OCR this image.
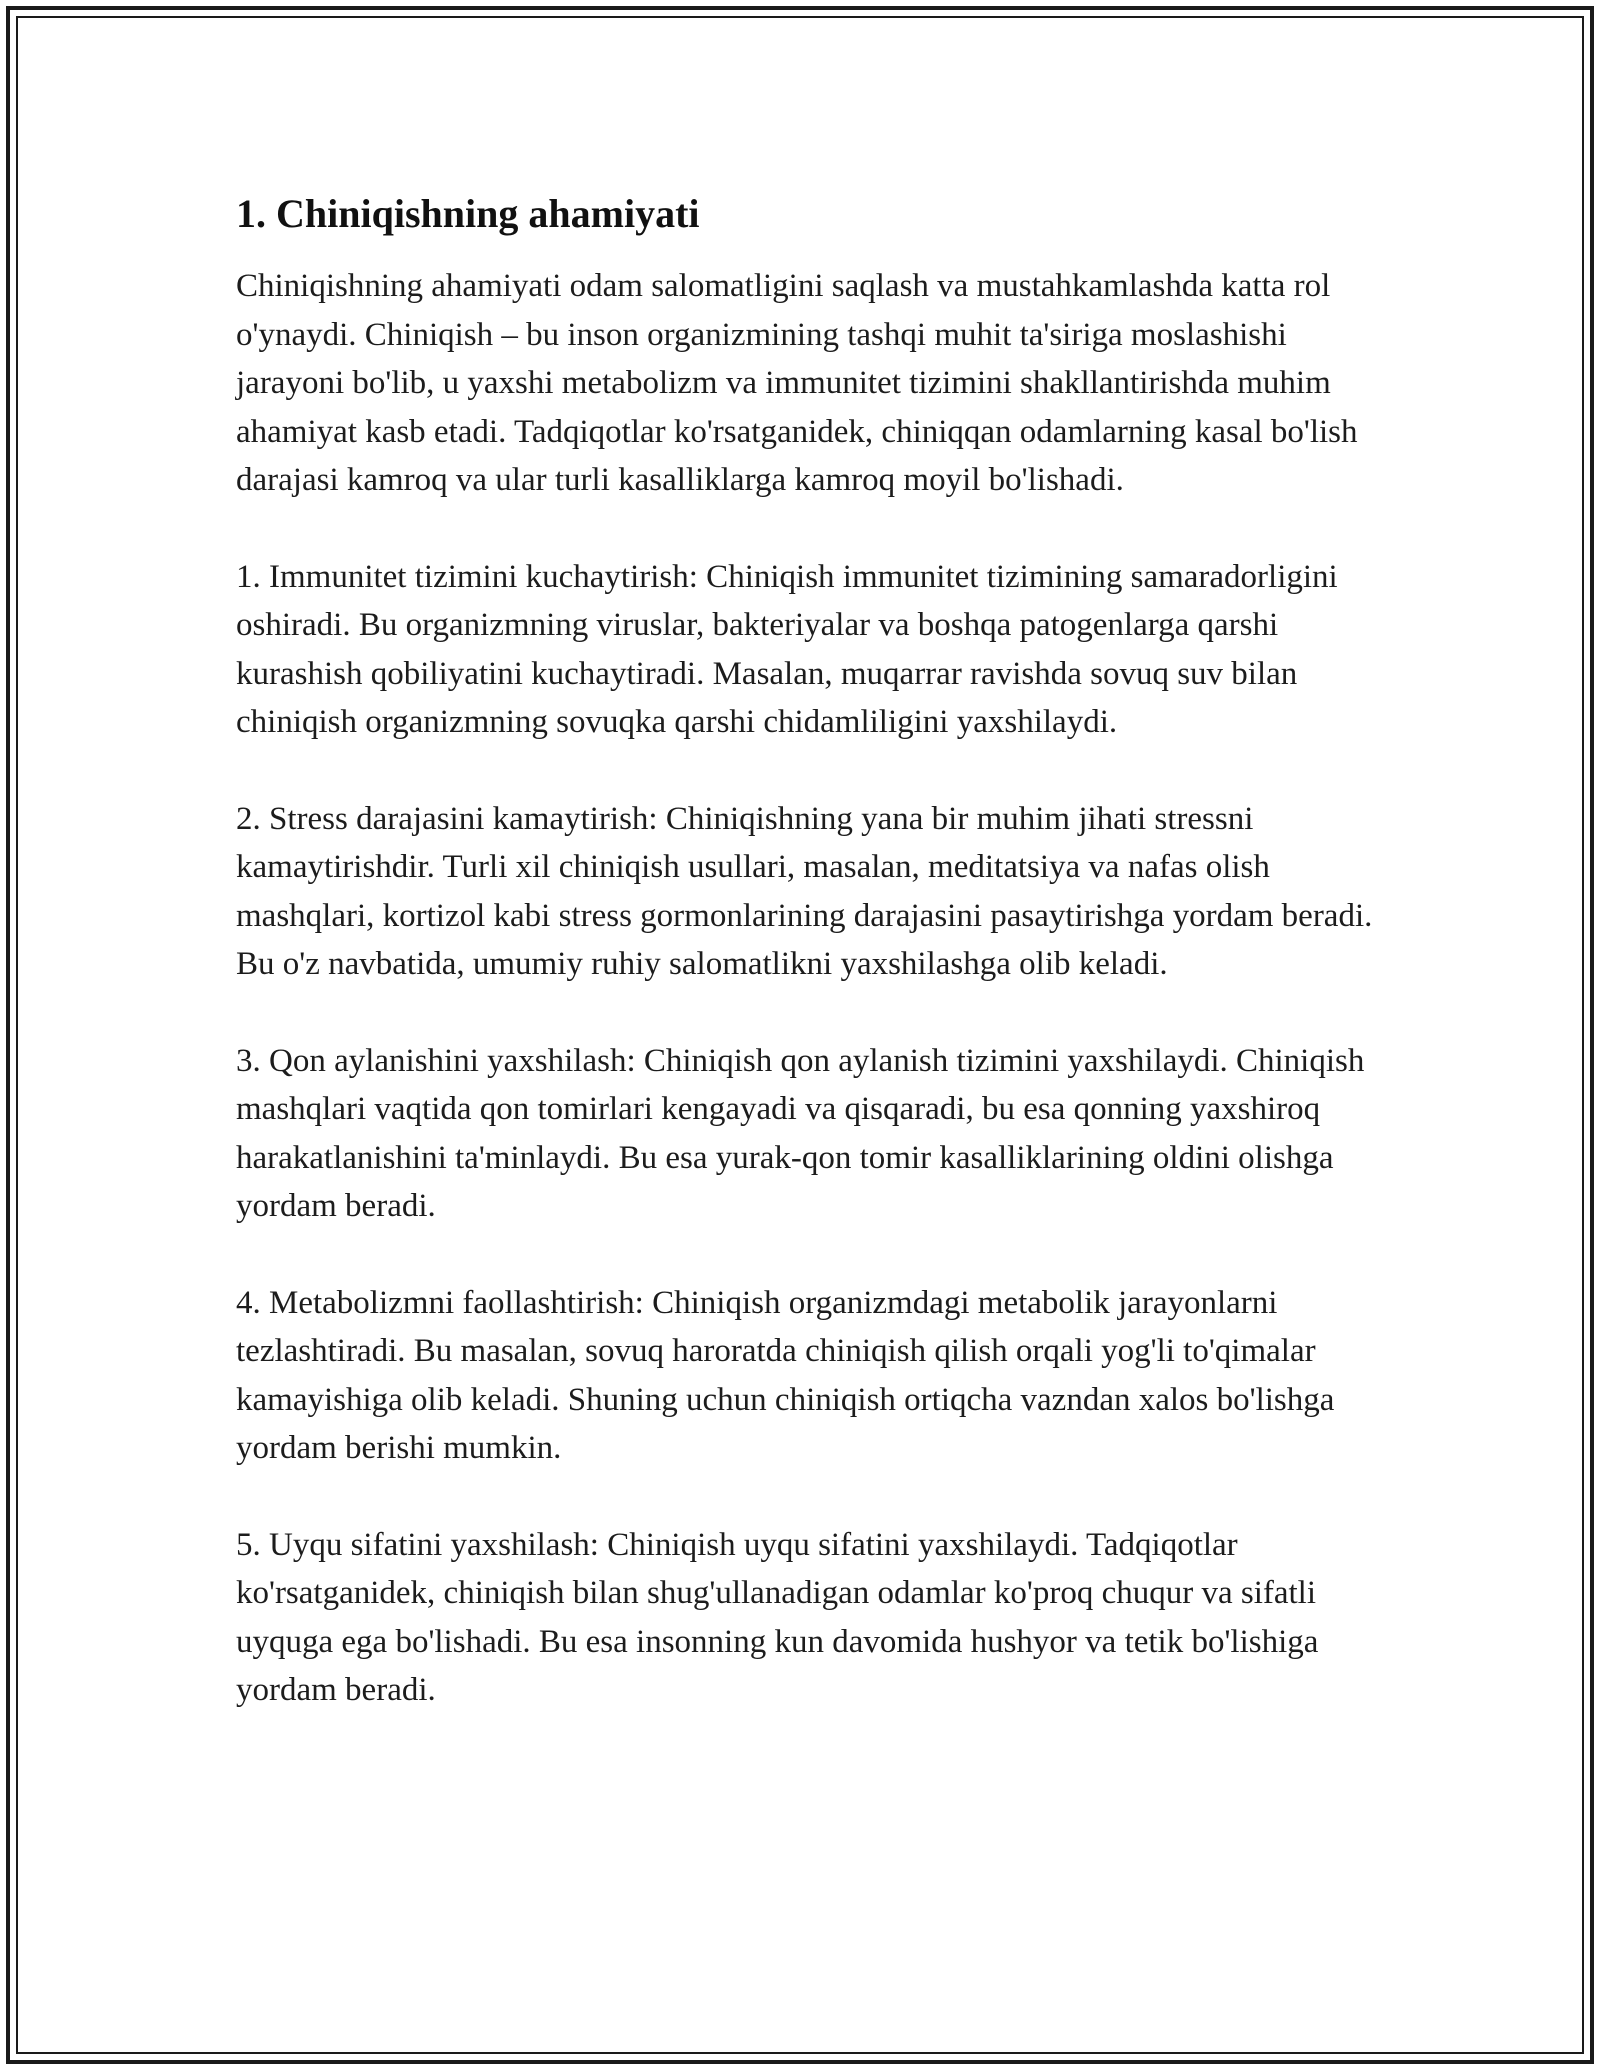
1. Chiniqishning ahamiyati

Chiniqishning ahamiyati odam salomatligini saqlash va mustahkamlashda katta rol o'ynaydi. Chiniqish – bu inson organizmining tashqi muhit ta'siriga moslashishi jarayoni bo'lib, u yaxshi metabolizm va immunitet tizimini shakllantirishda muhim ahamiyat kasb etadi. Tadqiqotlar ko'rsatganidek, chiniqqan odamlarning kasal bo'lish darajasi kamroq va ular turli kasalliklarga kamroq moyil bo'lishadi.

1. Immunitet tizimini kuchaytirish: Chiniqish immunitet tizimining samaradorligini oshiradi. Bu organizmning viruslar, bakteriyalar va boshqa patogenlarga qarshi kurashish qobiliyatini kuchaytiradi. Masalan, muqarrar ravishda sovuq suv bilan chiniqish organizmning sovuqka qarshi chidamliligini yaxshilaydi.

2. Stress darajasini kamaytirish: Chiniqishning yana bir muhim jihati stressni kamaytirishdir. Turli xil chiniqish usullari, masalan, meditatsiya va nafas olish mashqlari, kortizol kabi stress gormonlarining darajasini pasaytirishga yordam beradi. Bu o'z navbatida, umumiy ruhiy salomatlikni yaxshilashga olib keladi.

3. Qon aylanishini yaxshilash: Chiniqish qon aylanish tizimini yaxshilaydi. Chiniqish mashqlari vaqtida qon tomirlari kengayadi va qisqaradi, bu esa qonning yaxshiroq harakatlanishini ta'minlaydi. Bu esa yurak-qon tomir kasalliklarining oldini olishga yordam beradi.

4. Metabolizmni faollashtirish: Chiniqish organizmdagi metabolik jarayonlarni tezlashtiradi. Bu masalan, sovuq haroratda chiniqish qilish orqali yog'li to'qimalar kamayishiga olib keladi. Shuning uchun chiniqish ortiqcha vazndan xalos bo'lishga yordam berishi mumkin.

5. Uyqu sifatini yaxshilash: Chiniqish uyqu sifatini yaxshilaydi. Tadqiqotlar ko'rsatganidek, chiniqish bilan shug'ullanadigan odamlar ko'proq chuqur va sifatli uyquga ega bo'lishadi. Bu esa insonning kun davomida hushyor va tetik bo'lishiga yordam beradi.
